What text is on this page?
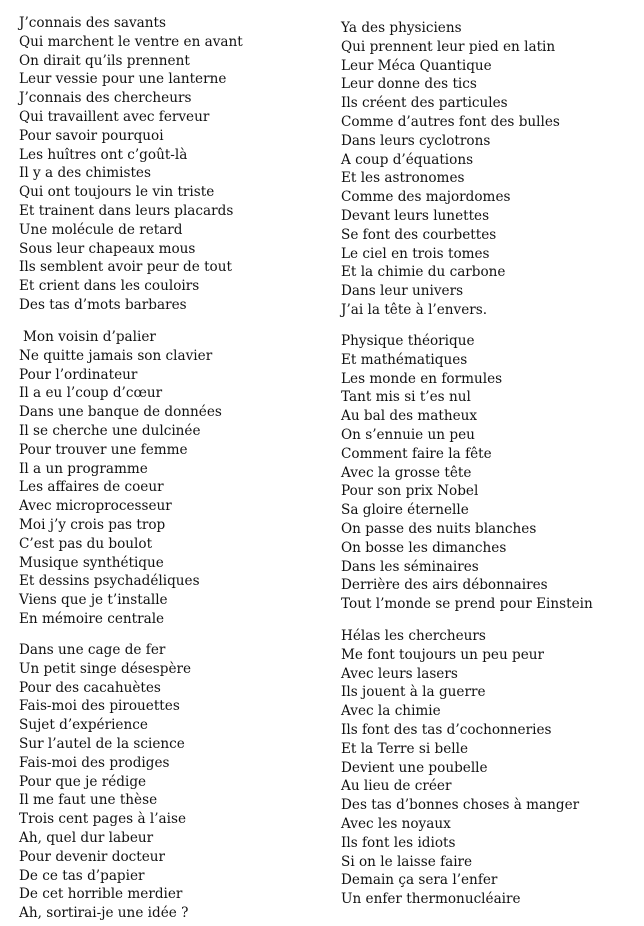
J’connais des savants
Qui marchent le ventre en avant
On dirait qu’ils prennent
Leur vessie pour une lanterne
J’connais des chercheurs
Qui travaillent avec ferveur
Pour savoir pourquoi
Les huîtres ont c’goût-là
Il y a des chimistes
Qui ont toujours le vin triste
Et trainent dans leurs placards
Une molécule de retard
Sous leur chapeaux mous
Ils semblent avoir peur de tout
Et crient dans les couloirs
Des tas d’mots barbares
Mon voisin d’palier
Ne quitte jamais son clavier
Pour l’ordinateur
Il a eu l’coup d’cœur
Dans une banque de données
Il se cherche une dulcinée
Pour trouver une femme
Il a un programme
Les affaires de coeur
Avec microprocesseur
Moi j’y crois pas trop
C’est pas du boulot
Musique synthétique
Et dessins psychadéliques
Viens que je t’installe
En mémoire centrale
Dans une cage de fer
Un petit singe désespère
Pour des cacahuètes
Fais-moi des pirouettes
Sujet d’expérience
Sur l’autel de la science
Fais-moi des prodiges
Pour que je rédige
Il me faut une thèse
Trois cent pages à l’aise
Ah, quel dur labeur
Pour devenir docteur
De ce tas d’papier
De cet horrible merdier
Ah, sortirai-je une idée ?
Ya des physiciens
Qui prennent leur pied en latin
Leur Méca Quantique
Leur donne des tics
Ils créent des particules
Comme d’autres font des bulles
Dans leurs cyclotrons
A coup d’équations
Et les astronomes
Comme des majordomes
Devant leurs lunettes
Se font des courbettes
Le ciel en trois tomes
Et la chimie du carbone
Dans leur univers
J’ai la tête à l’envers.
Physique théorique
Et mathématiques
Les monde en formules
Tant mis si t’es nul
Au bal des matheux
On s’ennuie un peu
Comment faire la fête
Avec la grosse tête
Pour son prix Nobel
Sa gloire éternelle
On passe des nuits blanches
On bosse les dimanches
Dans les séminaires
Derrière des airs débonnaires
Tout l’monde se prend pour Einstein
Hélas les chercheurs
Me font toujours un peu peur
Avec leurs lasers
Ils jouent à la guerre
Avec la chimie
Ils font des tas d’cochonneries
Et la Terre si belle
Devient une poubelle
Au lieu de créer
Des tas d’bonnes choses à manger
Avec les noyaux
Ils font les idiots
Si on le laisse faire
Demain ça sera l’enfer
Un enfer thermonucléaire
